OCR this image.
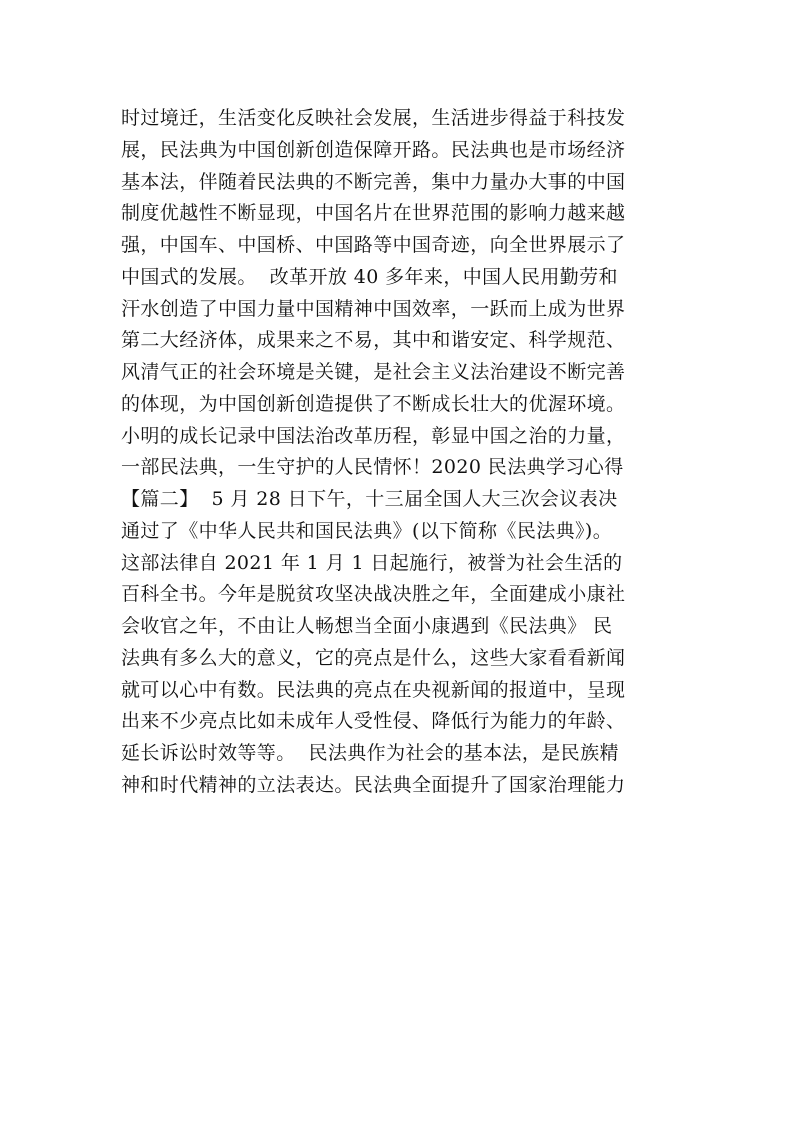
时过境迁，生活变化反映社会发展，生活进步得益于科技发
展，民法典为中国创新创造保障开路。民法典也是市场经济
基本法，伴随着民法典的不断完善，集中力量办大事的中国
制度优越性不断显现，中国名片在世界范围的影响力越来越
强，中国车、中国桥、中国路等中国奇迹，向全世界展示了
中国式的发展。  改革开放 40 多年来，中国人民用勤劳和
汗水创造了中国力量中国精神中国效率，一跃而上成为世界
第二大经济体，成果来之不易，其中和谐安定、科学规范、
风清气正的社会环境是关键，是社会主义法治建设不断完善
的体现，为中国创新创造提供了不断成长壮大的优渥环境。
小明的成长记录中国法治改革历程，彰显中国之治的力量，
一部民法典，一生守护的人民情怀！2020 民法典学习心得
【篇二】  5 月 28 日下午，十三届全国人大三次会议表决
通过了《中华人民共和国民法典》(以下简称《民法典》)。
这部法律自 2021 年 1 月 1 日起施行，被誉为社会生活的
百科全书。今年是脱贫攻坚决战决胜之年，全面建成小康社
会收官之年，不由让人畅想当全面小康遇到《民法典》 民
法典有多么大的意义，它的亮点是什么，这些大家看看新闻
就可以心中有数。民法典的亮点在央视新闻的报道中，呈现
出来不少亮点比如未成年人受性侵、降低行为能力的年龄、
延长诉讼时效等等。  民法典作为社会的基本法，是民族精
神和时代精神的立法表达。民法典全面提升了国家治理能力
